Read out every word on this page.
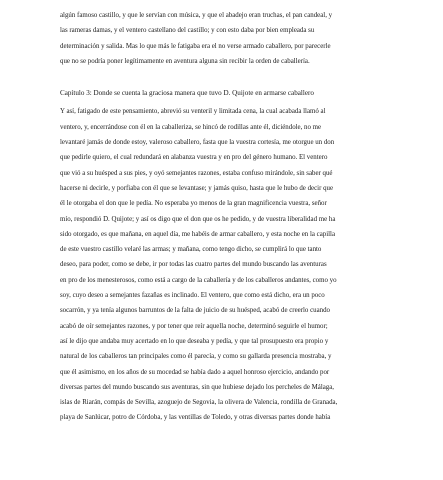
algún famoso castillo, y que le servían con música, y que el abadejo eran truchas, el pan candeal, y
las rameras damas, y el ventero castellano del castillo; y con esto daba por bien empleada su
determinación y salida. Mas lo que más le fatigaba era el no verse armado caballero, por parecerle
que no se podría poner legítimamente en aventura alguna sin recibir la orden de caballería.
Capítulo 3: Donde se cuenta la graciosa manera que tuvo D. Quijote en armarse caballero
Y así, fatigado de este pensamiento, abrevió su venteril y limitada cena, la cual acabada llamó al
ventero, y, encerrándose con él en la caballeriza, se hincó de rodillas ante él, diciéndole, no me
levantaré jamás de donde estoy, valeroso caballero, fasta que la vuestra cortesía, me otorgue un don
que pedirle quiero, el cual redundará en alabanza vuestra y en pro del género humano. El ventero
que vió a su huésped a sus pies, y oyó semejantes razones, estaba confuso mirándole, sin saber qué
hacerse ni decirle, y porfiaba con él que se levantase; y jamás quiso, hasta que le hubo de decir que
él le otorgaba el don que le pedía. No esperaba yo menos de la gran magnificencia vuestra, señor
mío, respondió D. Quijote; y así os digo que el don que os he pedido, y de vuestra liberalidad me ha
sido otorgado, es que mañana, en aquel día, me habéis de armar caballero, y esta noche en la capilla
de este vuestro castillo velaré las armas; y mañana, como tengo dicho, se cumplirá lo que tanto
deseo, para poder, como se debe, ir por todas las cuatro partes del mundo buscando las aventuras
en pro de los menesterosos, como está a cargo de la caballería y de los caballeros andantes, como yo
soy, cuyo deseo a semejantes fazañas es inclinado. El ventero, que como está dicho, era un poco
socarrón, y ya tenía algunos barruntos de la falta de juicio de su huésped, acabó de creerlo cuando
acabó de oír semejantes razones, y por tener que reír aquella noche, determinó seguirle el humor;
así le dijo que andaba muy acertado en lo que deseaba y pedía, y que tal prosupuesto era propio y
natural de los caballeros tan principales como él parecía, y como su gallarda presencia mostraba, y
que él asimismo, en los años de su mocedad se había dado a aquel honroso ejercicio, andando por
diversas partes del mundo buscando sus aventuras, sin que hubiese dejado los percheles de Málaga,
islas de Riarán, compás de Sevilla, azoguejo de Segovia, la olivera de Valencia, rondilla de Granada,
playa de Sanlúcar, potro de Córdoba, y las ventillas de Toledo, y otras diversas partes donde había
